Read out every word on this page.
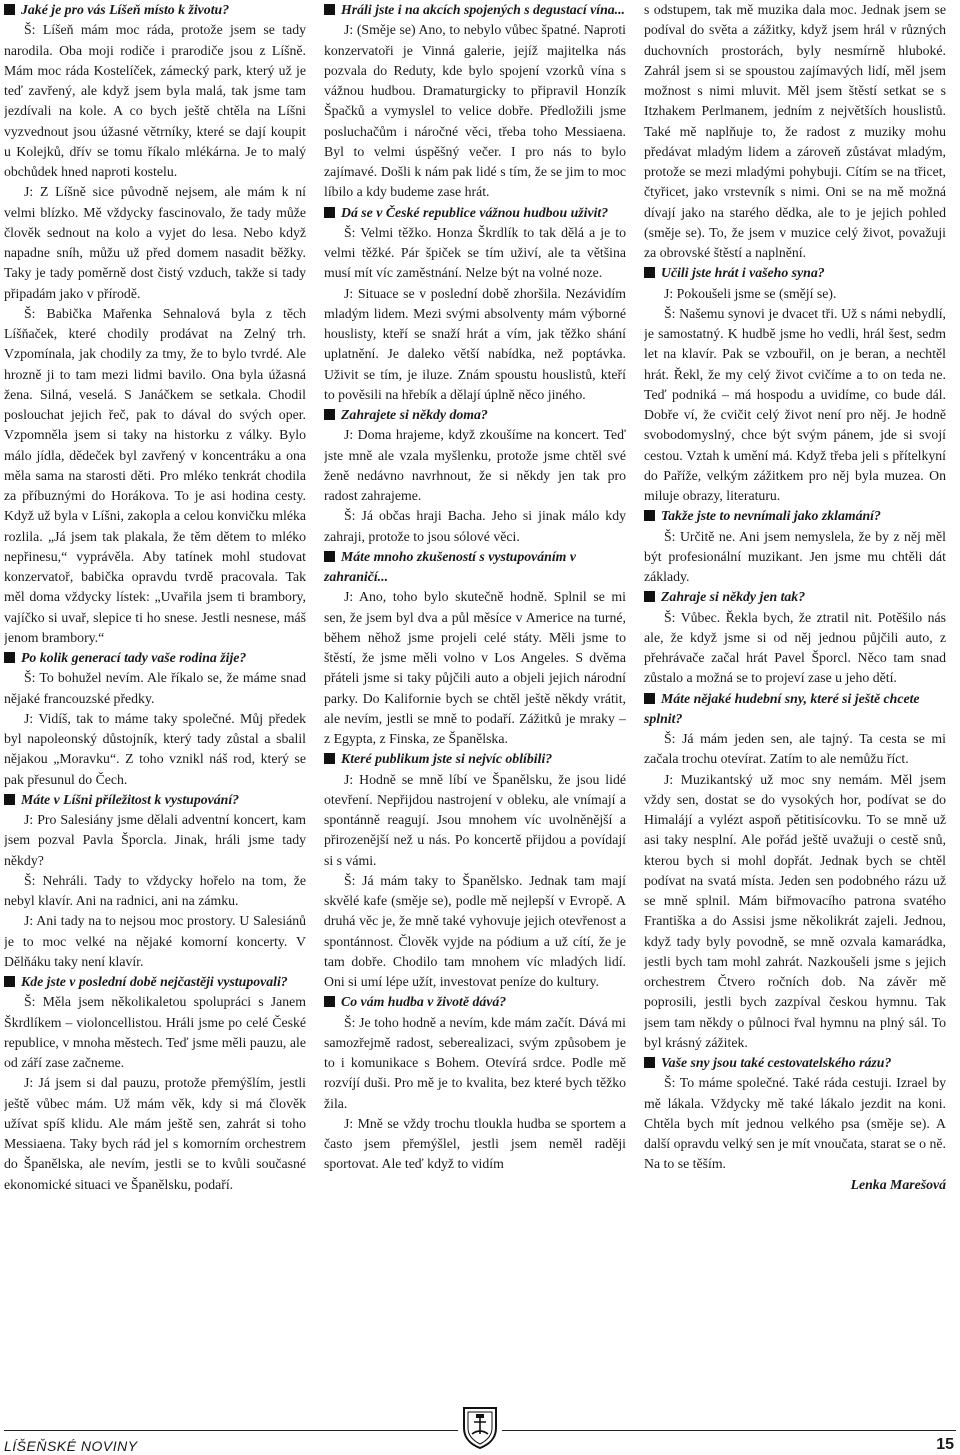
Jaké je pro vás Líšeň místo k životu?

Š: Líšeň mám moc ráda, protože jsem se tady narodila. Oba moji rodiče i prarodiče jsou z Líšně. Mám moc ráda Kostelíček, zámecký park, který už je teď zavřený, ale když jsem byla malá, tak jsme tam jezdívali na kole. A co bych ještě chtěla na Líšni vyzvednout jsou úžasné větrníky, které se dají koupit u Kolejků, dřív se tomu říkalo mlékárna. Je to malý obchůdek hned naproti kostelu.

J: Z Líšně sice původně nejsem, ale mám k ní velmi blízko. Mě vždycky fascinovalo, že tady může člověk sednout na kolo a vyjet do lesa. Nebo když napadne sníh, můžu už před domem nasadit běžky. Taky je tady poměrně dost čistý vzduch, takže si tady připadám jako v přírodě.

Š: Babička Mařenka Sehnalová byla z těch Líšňaček, které chodily prodávat na Zelný trh. Vzpomínala, jak chodily za tmy, že to bylo tvrdé. Ale hrozně ji to tam mezi lidmi bavilo. Ona byla úžasná žena. Silná, veselá. S Janáčkem se setkala. Chodil poslouchat jejich řeč, pak to dával do svých oper. Vzpomněla jsem si taky na historku z války. Bylo málo jídla, dědeček byl zavřený v koncentráku a ona měla sama na starosti děti. Pro mléko tenkrát chodila za příbuznými do Horákova. To je asi hodina cesty. Když už byla v Líšni, zakopla a celou konvičku mléka rozlila. „Já jsem tak plakala, že těm dětem to mléko nepřinesu,“ vyprávěla. Aby tatínek mohl studovat konzervatoř, babička opravdu tvrdě pracovala. Tak měl doma vždycky lístek: „Uvařila jsem ti brambory, vajíčko si uvař, slepice ti ho snese. Jestli nesnese, máš jenom brambory.“

Po kolik generací tady vaše rodina žije?

Š: To bohužel nevím. Ale říkalo se, že máme snad nějaké francouzské předky.

J: Vidíš, tak to máme taky společné. Můj předek byl napoleonský důstojník, který tady zůstal a sbalil nějakou „Moravku“. Z toho vznikl náš rod, který se pak přesunul do Čech.

Máte v Líšni příležitost k vystupování?

J: Pro Salesiány jsme dělali adventní koncert, kam jsem pozval Pavla Šporcla. Jinak, hráli jsme tady někdy?

Š: Nehráli. Tady to vždycky hořelo na tom, že nebyl klavír. Ani na radnici, ani na zámku.

J: Ani tady na to nejsou moc prostory. U Salesiánů je to moc velké na nějaké komorní koncerty. V Dělňáku taky není klavír.

Kde jste v poslední době nejčastěji vystupovali?

Š: Měla jsem několikaletou spolupráci s Janem Škrdlíkem – violoncellistou. Hráli jsme po celé České republice, v mnoha městech. Teď jsme měli pauzu, ale od září zase začneme.

J: Já jsem si dal pauzu, protože přemýšlím, jestli ještě vůbec mám. Už mám věk, kdy si má člověk užívat spíš klidu. Ale mám ještě sen, zahrát si toho Messiaena. Taky bych rád jel s komorním orchestrem do Španělska, ale nevím, jestli se to kvůli současné ekonomické situaci ve Španělsku, podaří.

Hráli jste i na akcích spojených s degustací vína...

J: (Směje se) Ano, to nebylo vůbec špatné. Naproti konzervatoři je Vinná galerie, jejíž majitelka nás pozvala do Reduty, kde bylo spojení vzorků vína s vážnou hudbou. Dramaturgicky to připravil Honzík Špačků a vymyslel to velice dobře. Předložili jsme posluchačům i náročné věci, třeba toho Messiaena. Byl to velmi úspěšný večer. I pro nás to bylo zajímavé. Došli k nám pak lidé s tím, že se jim to moc líbilo a kdy budeme zase hrát.

Dá se v České republice vážnou hudbou uživit?

Š: Velmi těžko. Honza Škrdlík to tak dělá a je to velmi těžké. Pár špiček se tím uživí, ale ta většina musí mít víc zaměstnání. Nelze být na volné noze.

J: Situace se v poslední době zhoršila. Nezávidím mladým lidem. Mezi svými absolventy mám výborné houslisty, kteří se snaží hrát a vím, jak těžko shání uplatnění. Je daleko větší nabídka, než poptávka. Uživit se tím, je iluze. Znám spoustu houslistů, kteří to pověsili na hřebík a dělají úplně něco jiného.

Zahrajete si někdy doma?

J: Doma hrajeme, když zkoušíme na koncert. Teď jste mně ale vzala myšlenku, protože jsme chtěl své ženě nedávno navrhnout, že si někdy jen tak pro radost zahrajeme.

Š: Já občas hraji Bacha. Jeho si jinak málo kdy zahraji, protože to jsou sólové věci.

Máte mnoho zkušeností s vystupováním v zahraničí...

J: Ano, toho bylo skutečně hodně. Splnil se mi sen, že jsem byl dva a půl měsíce v Americe na turné, během něhož jsme projeli celé státy. Měli jsme to štěstí, že jsme měli volno v Los Angeles. S dvěma přáteli jsme si taky půjčili auto a objeli jejich národní parky. Do Kalifornie bych se chtěl ještě někdy vrátit, ale nevím, jestli se mně to podaří. Zážitků je mraky – z Egypta, z Finska, ze Španělska.

Které publikum jste si nejvíc oblíbili?

J: Hodně se mně líbí ve Španělsku, že jsou lidé otevření. Nepřijdou nastrojení v obleku, ale vnímají a spontánně reagují. Jsou mnohem víc uvolněnější a přirozenější než u nás. Po koncertě přijdou a povídají si s vámi.

Š: Já mám taky to Španělsko. Jednak tam mají skvělé kafe (směje se), podle mě nejlepší v Evropě. A druhá věc je, že mně také vyhovuje jejich otevřenost a spontánnost. Člověk vyjde na pódium a už cítí, že je tam dobře. Chodilo tam mnohem víc mladých lidí. Oni si umí lépe užít, investovat peníze do kultury.

Co vám hudba v životě dává?

Š: Je toho hodně a nevím, kde mám začít. Dává mi samozřejmě radost, seberealizaci, svým způsobem je to i komunikace s Bohem. Otevírá srdce. Podle mě rozvíjí duši. Pro mě je to kvalita, bez které bych těžko žila.

J: Mně se vždy trochu tloukla hudba se sportem a často jsem přemýšlel, jestli jsem neměl raději sportovat. Ale teď když to vidím

s odstupem, tak mě muzika dala moc. Jednak jsem se podíval do světa a zážitky, když jsem hrál v různých duchovních prostorách, byly nesmírně hluboké. Zahrál jsem si se spoustou zajímavých lidí, měl jsem možnost s nimi mluvit. Měl jsem štěstí setkat se s Itzhakem Perlmanem, jedním z největších houslistů. Také mě naplňuje to, že radost z muziky mohu předávat mladým lidem a zároveň zůstávat mladým, protože se mezi mladými pohybuji. Cítím se na třicet, čtyřicet, jako vrstevník s nimi. Oni se na mě možná dívají jako na starého dědka, ale to je jejich pohled (směje se). To, že jsem v muzice celý život, považuji za obrovské štěstí a naplnění.

Učili jste hrát i vašeho syna?

J: Pokoušeli jsme se (smějí se).

Š: Našemu synovi je dvacet tři. Už s námi nebydlí, je samostatný. K hudbě jsme ho vedli, hrál šest, sedm let na klavír. Pak se vzbouřil, on je beran, a nechtěl hrát. Řekl, že my celý život cvičíme a to on teda ne. Teď podniká – má hospodu a uvidíme, co bude dál. Dobře ví, že cvičit celý život není pro něj. Je hodně svobodomyslný, chce být svým pánem, jde si svojí cestou. Vztah k umění má. Když třeba jeli s přítelkyní do Paříže, velkým zážitkem pro něj byla muzea. On miluje obrazy, literaturu.

Takže jste to nevnímali jako zklamání?

Š: Určitě ne. Ani jsem nemyslela, že by z něj měl být profesionální muzikant. Jen jsme mu chtěli dát základy.

Zahraje si někdy jen tak?

Š: Vůbec. Řekla bych, že ztratil nit. Potěšilo nás ale, že když jsme si od něj jednou půjčili auto, z přehrávače začal hrát Pavel Šporcl. Něco tam snad zůstalo a možná se to projeví zase u jeho dětí.

Máte nějaké hudební sny, které si ještě chcete splnit?

Š: Já mám jeden sen, ale tajný. Ta cesta se mi začala trochu otevírat. Zatím to ale nemůžu říct.

J: Muzikantský už moc sny nemám. Měl jsem vždy sen, dostat se do vysokých hor, podívat se do Himalájí a vylézt aspoň pětitisícovku. To se mně už asi taky nesplní. Ale pořád ještě uvažuji o cestě snů, kterou bych si mohl dopřát. Jednak bych se chtěl podívat na svatá místa. Jeden sen podobného rázu už se mně splnil. Mám biřmovacího patrona svatého Františka a do Assisi jsme několikrát zajeli. Jednou, když tady byly povodně, se mně ozvala kamarádka, jestli bych tam mohl zahrát. Nazkoušeli jsme s jejich orchestrem Čtvero ročních dob. Na závěr mě poprosili, jestli bych zazpíval českou hymnu. Tak jsem tam někdy o půlnoci řval hymnu na plný sál. To byl krásný zážitek.

Vaše sny jsou také cestovatelského rázu?

Š: To máme společné. Také ráda cestuji. Izrael by mě lákala. Vždycky mě také lákalo jezdit na koni. Chtěla bych mít jednou velkého psa (směje se). A další opravdu velký sen je mít vnoučata, starat se o ně. Na to se těším.

Lenka Marešová

LÍŠEŇSKÉ NOVINY	15
